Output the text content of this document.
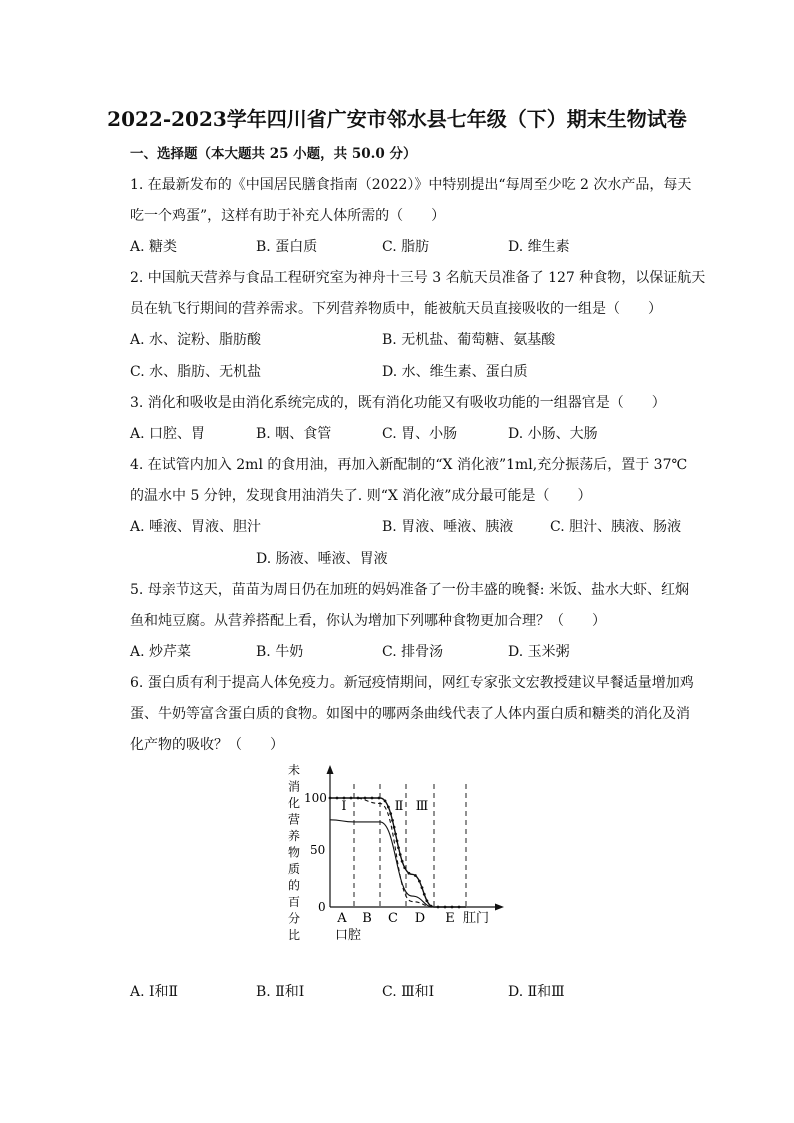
2022-2023学年四川省广安市邻水县七年级（下）期末生物试卷
一、选择题（本大题共 25 小题，共 50.0 分）
1. 在最新发布的《中国居民膳食指南（2022）》中特别提出“每周至少吃 2 次水产品，每天
吃一个鸡蛋”，这样有助于补充人体所需的（　　）
A. 糖类	B. 蛋白质	C. 脂肪	D. 维生素
2. 中国航天营养与食品工程研究室为神舟十三号 3 名航天员准备了 127 种食物，以保证航天
员在轨飞行期间的营养需求。下列营养物质中，能被航天员直接吸收的一组是（　　）
A. 水、淀粉、脂肪酸	B. 无机盐、葡萄糖、氨基酸
C. 水、脂肪、无机盐	D. 水、维生素、蛋白质
3. 消化和吸收是由消化系统完成的，既有消化功能又有吸收功能的一组器官是（　　）
A. 口腔、胃	B. 咽、食管	C. 胃、小肠	D. 小肠、大肠
4. 在试管内加入 2ml 的食用油，再加入新配制的“X 消化液”1ml,充分振荡后，置于 37℃
的温水中 5 分钟，发现食用油消失了. 则“X 消化液”成分最可能是（　　）
A. 唾液、胃液、胆汁	B. 胃液、唾液、胰液	C. 胆汁、胰液、肠液
D. 肠液、唾液、胃液
5. 母亲节这天，苗苗为周日仍在加班的妈妈准备了一份丰盛的晚餐: 米饭、盐水大虾、红焖
鱼和炖豆腐。从营养搭配上看，你认为增加下列哪种食物更加合理？（　　）
A. 炒芹菜	B. 牛奶	C. 排骨汤	D. 玉米粥
6. 蛋白质有利于提高人体免疫力。新冠疫情期间，网红专家张文宏教授建议早餐适量增加鸡
蛋、牛奶等富含蛋白质的食物。如图中的哪两条曲线代表了人体内蛋白质和糖类的消化及消
化产物的吸收？（　　）
未
消
化
营
养
物
质
的
百
分
比
100
50
0
A B C D E 肛门
口腔
Ⅰ	Ⅱ Ⅲ
A. Ⅰ和Ⅱ	B. Ⅱ和Ⅰ	C. Ⅲ和Ⅰ	D. Ⅱ和Ⅲ
